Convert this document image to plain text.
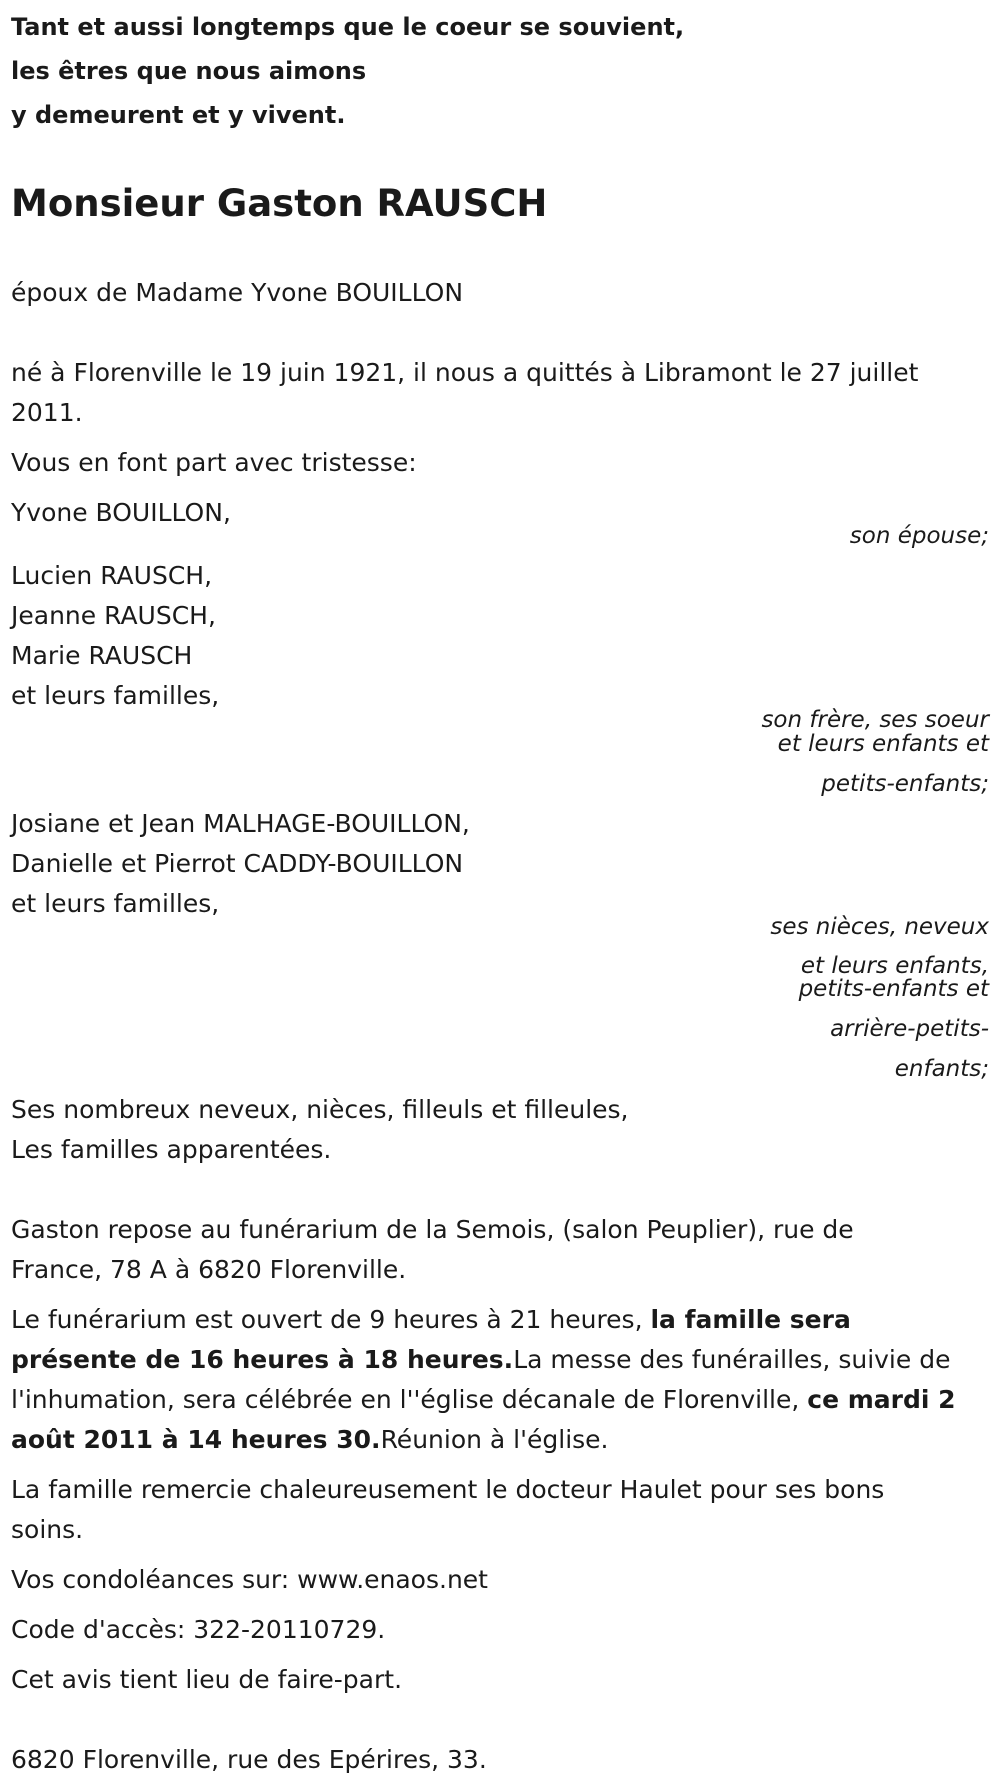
Tant et aussi longtemps que le coeur se souvient,
les êtres que nous aimons
y demeurent et y vivent.
Monsieur Gaston RAUSCH
époux de Madame Yvone BOUILLON
né à Florenville le 19 juin 1921, il nous a quittés à Libramont le 27 juillet
2011.
Vous en font part avec tristesse:
Yvone BOUILLON,
son épouse;
Lucien RAUSCH,
Jeanne RAUSCH,
Marie RAUSCH
et leurs familles,
son frère, ses soeur
et leurs enfants et
petits-enfants;
Josiane et Jean MALHAGE-BOUILLON,
Danielle et Pierrot CADDY-BOUILLON
et leurs familles,
ses nièces, neveux
et leurs enfants,
petits-enfants et
arrière-petits-
enfants;
Ses nombreux neveux, nièces, filleuls et filleules,
Les familles apparentées.
Gaston repose au funérarium de la Semois, (salon Peuplier), rue de
France, 78 A à 6820 Florenville.
Le funérarium est ouvert de 9 heures à 21 heures, la famille sera
présente de 16 heures à 18 heures.La messe des funérailles, suivie de
l'inhumation, sera célébrée en l''église décanale de Florenville, ce mardi 2
août 2011 à 14 heures 30.Réunion à l'église.
La famille remercie chaleureusement le docteur Haulet pour ses bons
soins.
Vos condoléances sur: www.enaos.net
Code d'accès: 322-20110729.
Cet avis tient lieu de faire-part.
6820 Florenville, rue des Epérires, 33.
